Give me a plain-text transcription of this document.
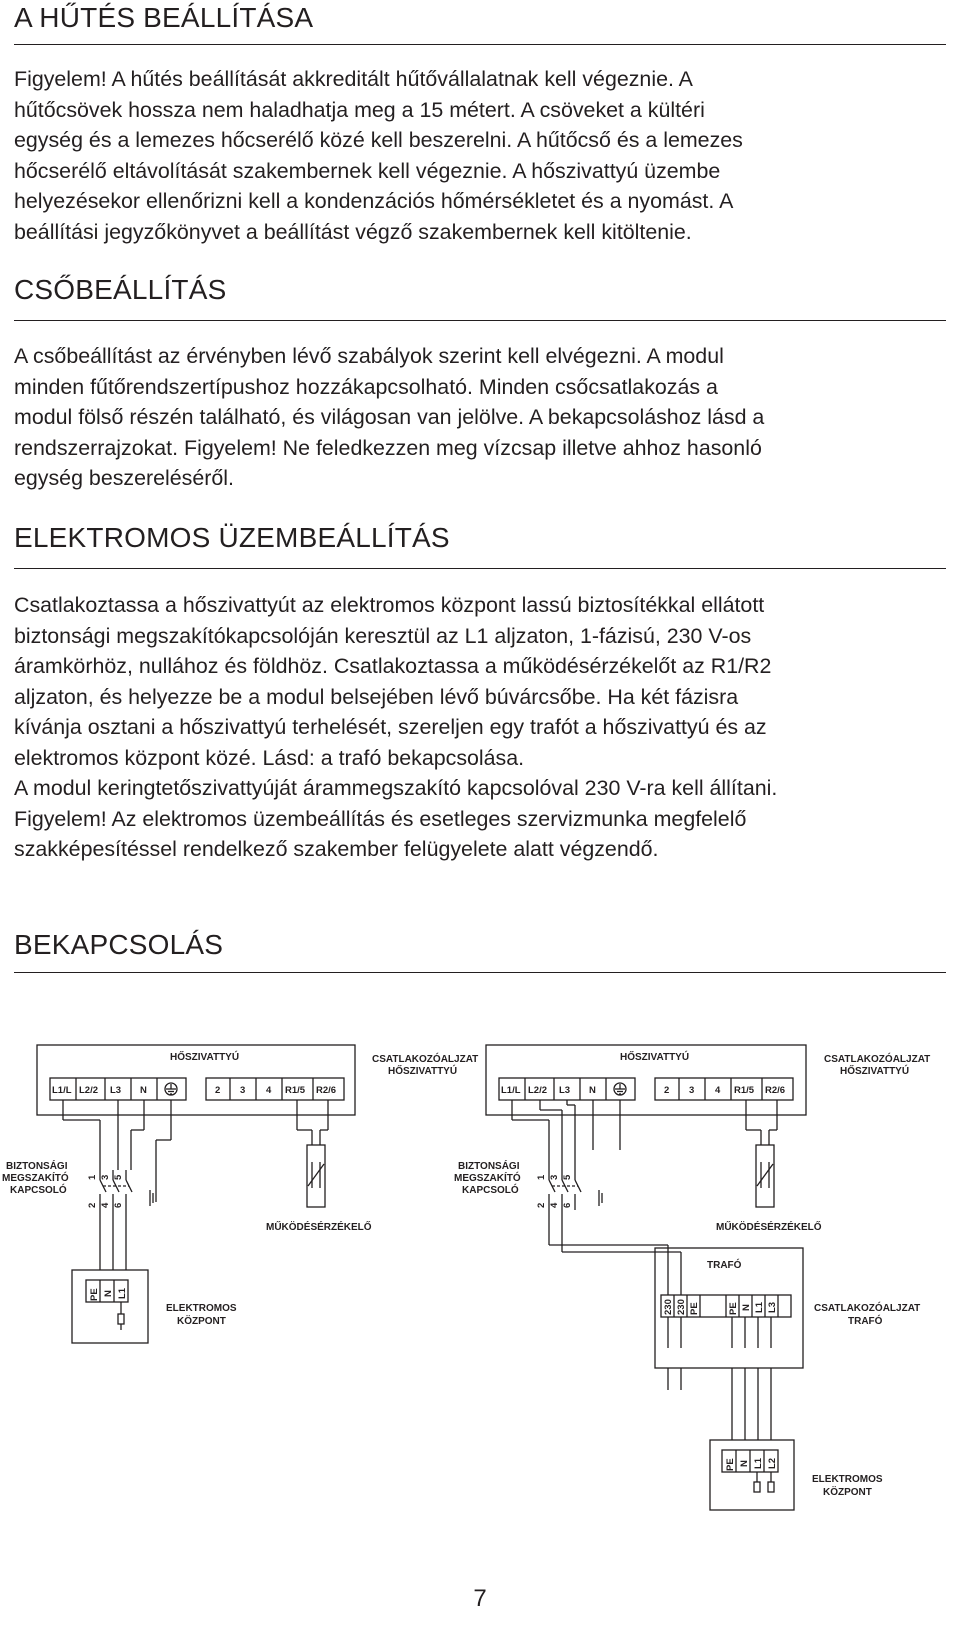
A HŰTÉS BEÁLLÍTÁSA
Figyelem! A hűtés beállítását akkreditált hűtővállalatnak kell végeznie. A
hűtőcsövek hossza nem haladhatja meg a 15 métert. A csöveket a kültéri
egység és a lemezes hőcserélő közé kell beszerelni. A hűtőcső és a lemezes
hőcserélő eltávolítását szakembernek kell végeznie. A hőszivattyú üzembe
helyezésekor ellenőrizni kell a kondenzációs hőmérsékletet és a nyomást. A
beállítási jegyzőkönyvet a beállítást végző szakembernek kell kitöltenie.
CSŐBEÁLLÍTÁS
A csőbeállítást az érvényben lévő szabályok szerint kell elvégezni. A modul
minden fűtőrendszertípushoz hozzákapcsolható. Minden csőcsatlakozás a
modul fölső részén található, és világosan van jelölve. A bekapcsoláshoz lásd a
rendszerrajzokat. Figyelem! Ne feledkezzen meg vízcsap illetve ahhoz hasonló
egység beszereléséről.
ELEKTROMOS ÜZEMBEÁLLÍTÁS
Csatlakoztassa a hőszivattyút az elektromos központ lassú biztosítékkal ellátott
biztonsági megszakítókapcsolóján keresztül az L1 aljzaton, 1-fázisú, 230 V-os
áramkörhöz, nullához és földhöz. Csatlakoztassa a működésérzékelőt az R1/R2
aljzaton, és helyezze be a modul belsejében lévő búvárcsőbe. Ha két fázisra
kívánja osztani a hőszivattyú terhelését, szereljen egy trafót a hőszivattyú és az
elektromos központ közé. Lásd: a trafó bekapcsolása.
A modul keringtetőszivattyúját árammegszakító kapcsolóval 230 V-ra kell állítani.
Figyelem! Az elektromos üzembeállítás és esetleges szervizmunka megfelelő
szakképesítéssel rendelkező szakember felügyelete alatt végzendő.
BEKAPCSOLÁS
HŐSZIVATTYÚ
L1/L L2/2 L3 N	2 3 4 R1/5 R2/6
CSATLAKOZÓALJZAT
HŐSZIVATTYÚ
1 3 5
2 4 6
BIZTONSÁGI
MEGSZAKÍTÓ
KAPCSOLÓ
MŰKÖDÉSÉRZÉKELŐ
PE N L1
ELEKTROMOS
KÖZPONT
HŐSZIVATTYÚ
L1/L L2/2 L3 N	2 3 4 R1/5 R2/6
CSATLAKOZÓALJZAT
HŐSZIVATTYÚ
1 3 5
2 4 6
BIZTONSÁGI
MEGSZAKÍTÓ
KAPCSOLÓ
MŰKÖDÉSÉRZÉKELŐ
TRAFÓ
230 230 PE	PE N L1 L3	CSATLAKOZÓALJZAT
TRAFÓ
PE N L1 L2
ELEKTROMOS
KÖZPONT
7
